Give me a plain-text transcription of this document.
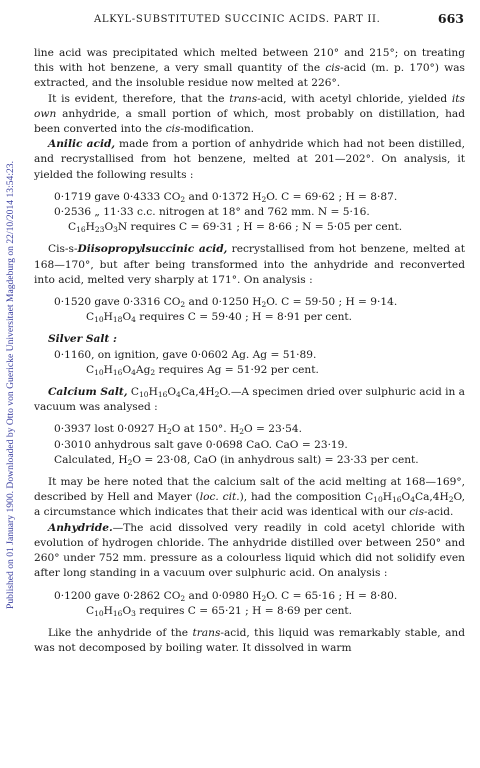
Published on 01 January 1900. Downloaded by Otto von Guericke Universitaet Magdeburg on 22/10/2014 13:54:23.
ALKYL-SUBSTITUTED SUCCINIC ACIDS. PART II.	663

line acid was precipitated which melted between 210° and 215°; on treating this with hot benzene, a very small quantity of the cis-acid (m. p. 170°) was extracted, and the insoluble residue now melted at 226°.

It is evident, therefore, that the trans-acid, with acetyl chloride, yielded its own anhydride, a small portion of which, most probably on distillation, had been converted into the cis-modification.

Anilic acid, made from a portion of anhydride which had not been distilled, and recrystallised from hot benzene, melted at 201—202°. On analysis, it yielded the following results :

0·1719 gave 0·4333 $CO_2$ and 0·1372 $H_2O$. C = 69·62 ; H = 8·87.

0·2536 „ 11·33 c.c. nitrogen at 18° and 762 mm. N = 5·16.

$C_{16}H_{23}O_3N$ requires C = 69·31 ; H = 8·66 ; N = 5·05 per cent.

Cis-s-Diisopropylsuccinic acid, recrystallised from hot benzene, melted at 168—170°, but after being transformed into the anhydride and reconverted into acid, melted very sharply at 171°. On analysis :

0·1520 gave 0·3316 $CO_2$ and 0·1250 $H_2O$. C = 59·50 ; H = 9·14.

$C_{10}H_{18}O_4$ requires C = 59·40 ; H = 8·91 per cent.

Silver Salt :

0·1160, on ignition, gave 0·0602 Ag. Ag = 51·89.

$C_{10}H_{16}O_4Ag_2$ requires Ag = 51·92 per cent.

Calcium Salt, $C_{10}H_{16}O_4Ca,4H_2O.—A$ specimen dried over sulphuric acid in a vacuum was analysed :

0·3937 lost 0·0927 $H_2O$ at 150°. $H_2O = 23\cdot 54$.

0·3010 anhydrous salt gave 0·0698 CaO. CaO = 23·19.

Calculated, $H_2O = 23\cdot 08$, CaO (in anhydrous salt) = 23·33 per cent.

It may be here noted that the calcium salt of the acid melting at 168—169°, described by Hell and Mayer (loc. cit.), had the composition $C_{10}H_{16}O_4Ca,4H_2O$, a circumstance which indicates that their acid was identical with our cis-acid.

Anhydride.—The acid dissolved very readily in cold acetyl chloride with evolution of hydrogen chloride. The anhydride distilled over between 250° and 260° under 752 mm. pressure as a colourless liquid which did not solidify even after long standing in a vacuum over sulphuric acid. On analysis :

0·1200 gave 0·2862 $CO_2$ and 0·0980 $H_2O$. C = 65·16 ; H = 8·80.

$C_{10}H_{16}O_3$ requires C = 65·21 ; H = 8·69 per cent.

Like the anhydride of the trans-acid, this liquid was remarkably stable, and was not decomposed by boiling water. It dissolved in warm
